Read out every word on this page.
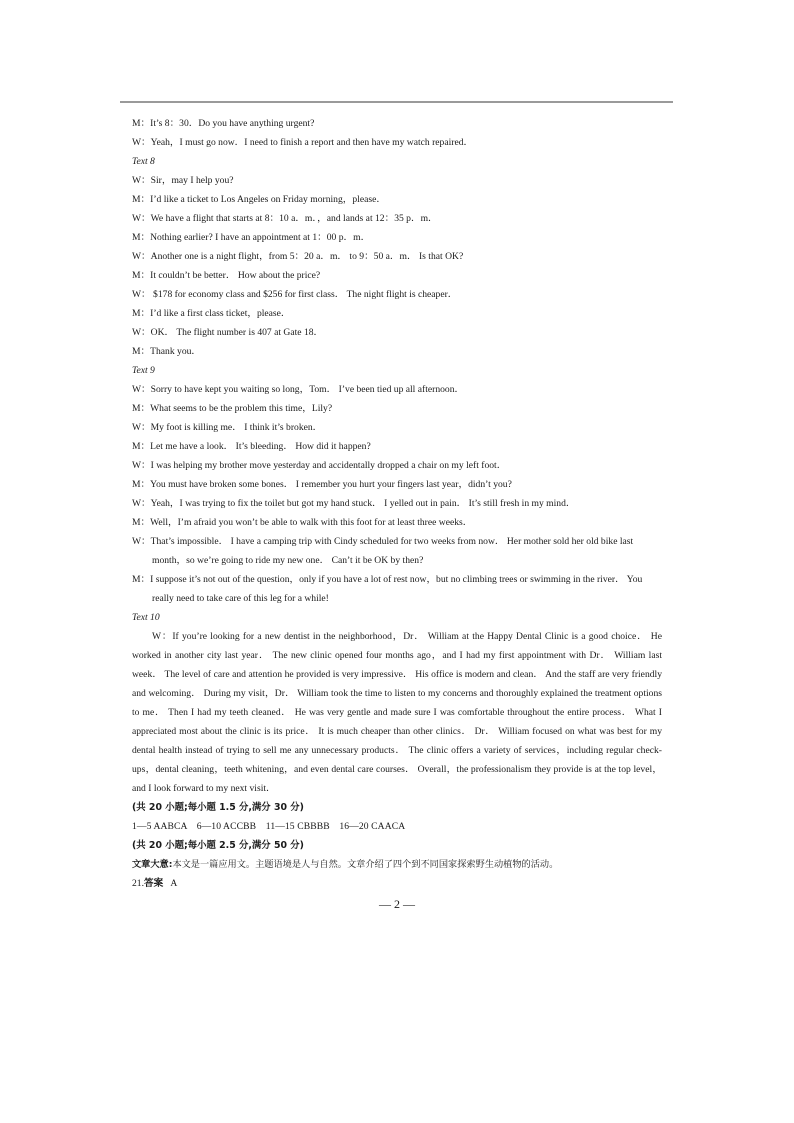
M：It’s 8：30．Do you have anything urgent?
W：Yeah，I must go now．I need to finish a report and then have my watch repaired．
Text 8
W：Sir，may I help you?
M：I’d like a ticket to Los Angeles on Friday morning，please．
W：We have a flight that starts at 8：10 a．m．，and lands at 12：35 p．m．
M：Nothing earlier? I have an appointment at 1：00 p．m．
W：Another one is a night flight，from 5：20 a．m． to 9：50 a．m． Is that OK?
M：It couldn’t be better． How about the price?
W： $178 for economy class and $256 for first class． The night flight is cheaper．
M：I’d like a first class ticket，please．
W：OK． The flight number is 407 at Gate 18．
M：Thank you．
Text 9
W：Sorry to have kept you waiting so long，Tom． I’ve been tied up all afternoon．
M：What seems to be the problem this time，Lily?
W：My foot is killing me． I think it’s broken．
M：Let me have a look． It’s bleeding． How did it happen?
W：I was helping my brother move yesterday and accidentally dropped a chair on my left foot．
M：You must have broken some bones． I remember you hurt your fingers last year，didn’t you?
W：Yeah，I was trying to fix the toilet but got my hand stuck． I yelled out in pain． It’s still fresh in my mind．
M：Well，I’m afraid you won’t be able to walk with this foot for at least three weeks．
W：That’s impossible． I have a camping trip with Cindy scheduled for two weeks from now． Her mother sold her old bike last month，so we’re going to ride my new one． Can’t it be OK by then?
M：I suppose it’s not out of the question，only if you have a lot of rest now，but no climbing trees or swimming in the river． You really need to take care of this leg for a while!
Text 10
W：If you’re looking for a new dentist in the neighborhood，Dr． William at the Happy Dental Clinic is a good choice． He worked in another city last year． The new clinic opened four months ago，and I had my first appointment with Dr． William last week． The level of care and attention he provided is very impressive． His office is modern and clean． And the staff are very friendly and welcoming． During my visit，Dr． William took the time to listen to my concerns and thoroughly explained the treatment options to me． Then I had my teeth cleaned． He was very gentle and made sure I was comfortable throughout the entire process． What I appreciated most about the clinic is its price． It is much cheaper than other clinics． Dr． William focused on what was best for my dental health instead of trying to sell me any unnecessary products． The clinic offers a variety of services，including regular check-ups，dental cleaning，teeth whitening，and even dental care courses． Overall，the professionalism they provide is at the top level，and I look forward to my next visit．
(共 20 小题;每小题 1.5 分,满分 30 分)
1—5 AABCA　6—10 ACCBB　11—15 CBBBB　16—20 CAACA
(共 20 小题;每小题 2.5 分,满分 50 分)
文章大意:本文是一篇应用文。主题语境是人与自然。文章介绍了四个到不同国家探索野生动植物的活动。
21.答案 A
— 2 —
